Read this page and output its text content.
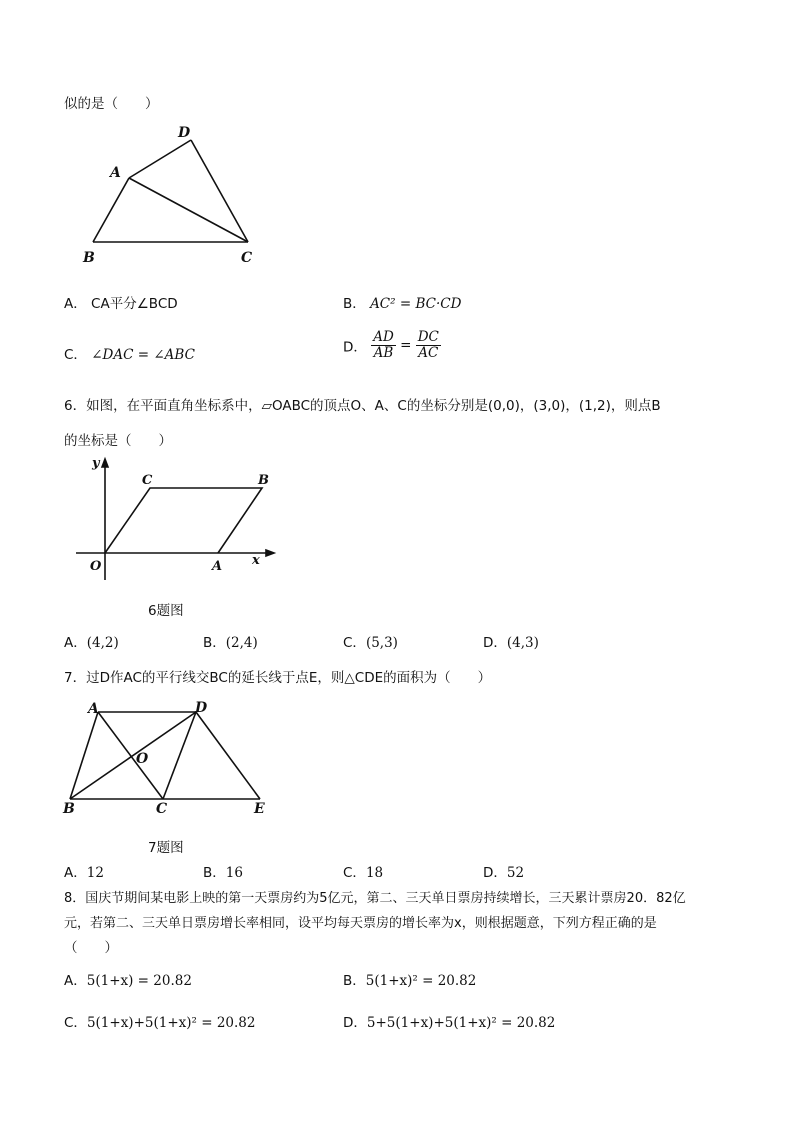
似的是（　　）
A
B	C
D
A． CA平分∠BCD	B． AC² = BC·CD
C． ∠DAC = ∠ABC	D． $\frac{AD}{AB} = \frac{DC}{AC}$
6．如图，在平面直角坐标系中，▱OABC的顶点O、A、C的坐标分别是(0,0)，(3,0)，(1,2)，则点B
的坐标是（　　）
y
C	B
O	A x
6题图
A．(4,2)	B．(2,4)	C．(5,3)	D．(4,3)
7．过D作AC的平行线交BC的延长线于点E，则△CDE的面积为（　　）
A	D
O
B	C	E
7题图
A．12	B．16	C．18	D．52
8．国庆节期间某电影上映的第一天票房约为5亿元，第二、三天单日票房持续增长，三天累计票房20．82亿
元，若第二、三天单日票房增长率相同，设平均每天票房的增长率为x，则根据题意，下列方程正确的是
（　　）
A．5(1+x) = 20.82	B．5(1+x)² = 20.82
C．5(1+x)+5(1+x)² = 20.82	D．5+5(1+x)+5(1+x)² = 20.82
